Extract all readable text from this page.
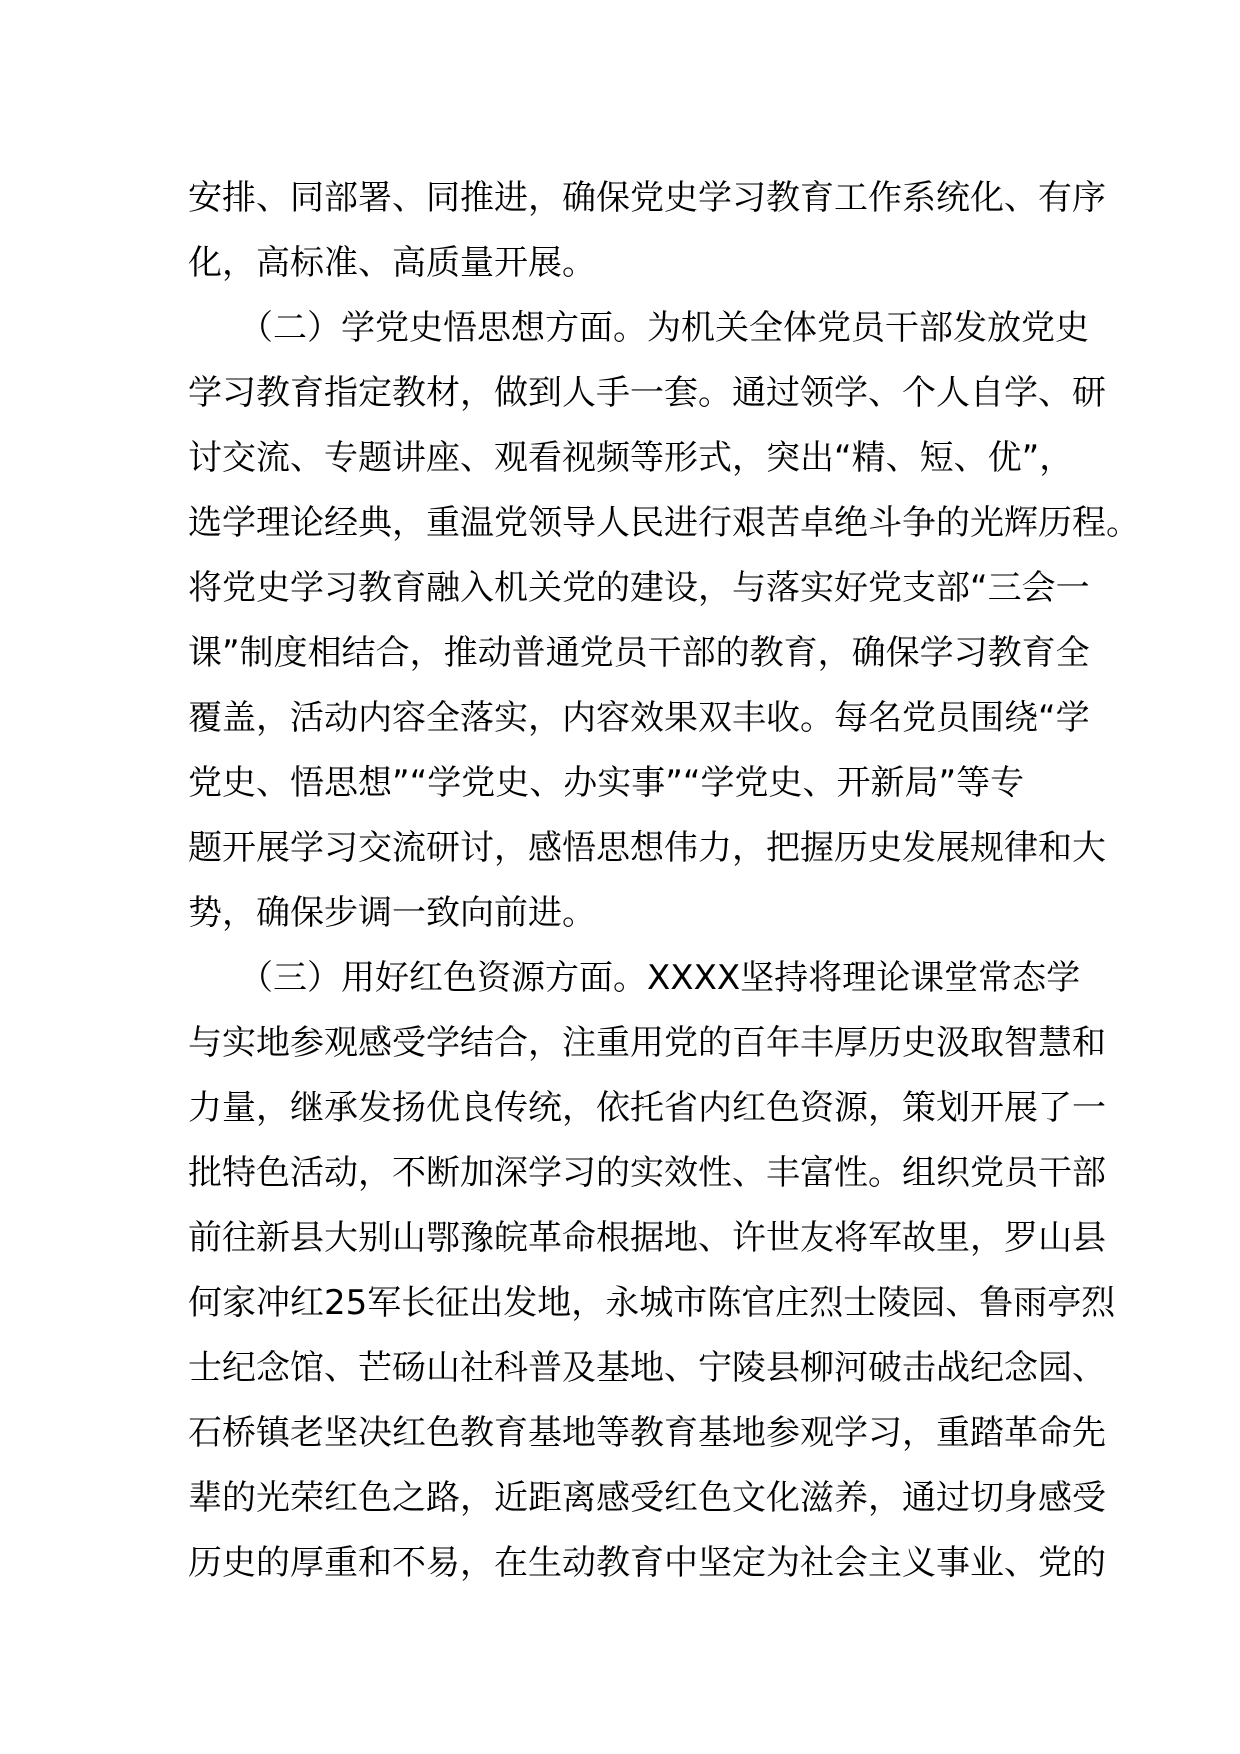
安排、同部署、同推进，确保党史学习教育工作系统化、有序
化，高标准、高质量开展。
　　（二）学党史悟思想方面。为机关全体党员干部发放党史
学习教育指定教材，做到人手一套。通过领学、个人自学、研
讨交流、专题讲座、观看视频等形式，突出“精、短、优”，
选学理论经典，重温党领导人民进行艰苦卓绝斗争的光辉历程。
将党史学习教育融入机关党的建设，与落实好党支部“三会一
课”制度相结合，推动普通党员干部的教育，确保学习教育全
覆盖，活动内容全落实，内容效果双丰收。每名党员围绕“学
党史、悟思想”“学党史、办实事”“学党史、开新局”等专
题开展学习交流研讨，感悟思想伟力，把握历史发展规律和大
势，确保步调一致向前进。
　　（三）用好红色资源方面。XXXX坚持将理论课堂常态学
与实地参观感受学结合，注重用党的百年丰厚历史汲取智慧和
力量，继承发扬优良传统，依托省内红色资源，策划开展了一
批特色活动，不断加深学习的实效性、丰富性。组织党员干部
前往新县大别山鄂豫皖革命根据地、许世友将军故里，罗山县
何家冲红25军长征出发地，永城市陈官庄烈士陵园、鲁雨亭烈
士纪念馆、芒砀山社科普及基地、宁陵县柳河破击战纪念园、
石桥镇老坚决红色教育基地等教育基地参观学习，重踏革命先
辈的光荣红色之路，近距离感受红色文化滋养，通过切身感受
历史的厚重和不易，在生动教育中坚定为社会主义事业、党的
